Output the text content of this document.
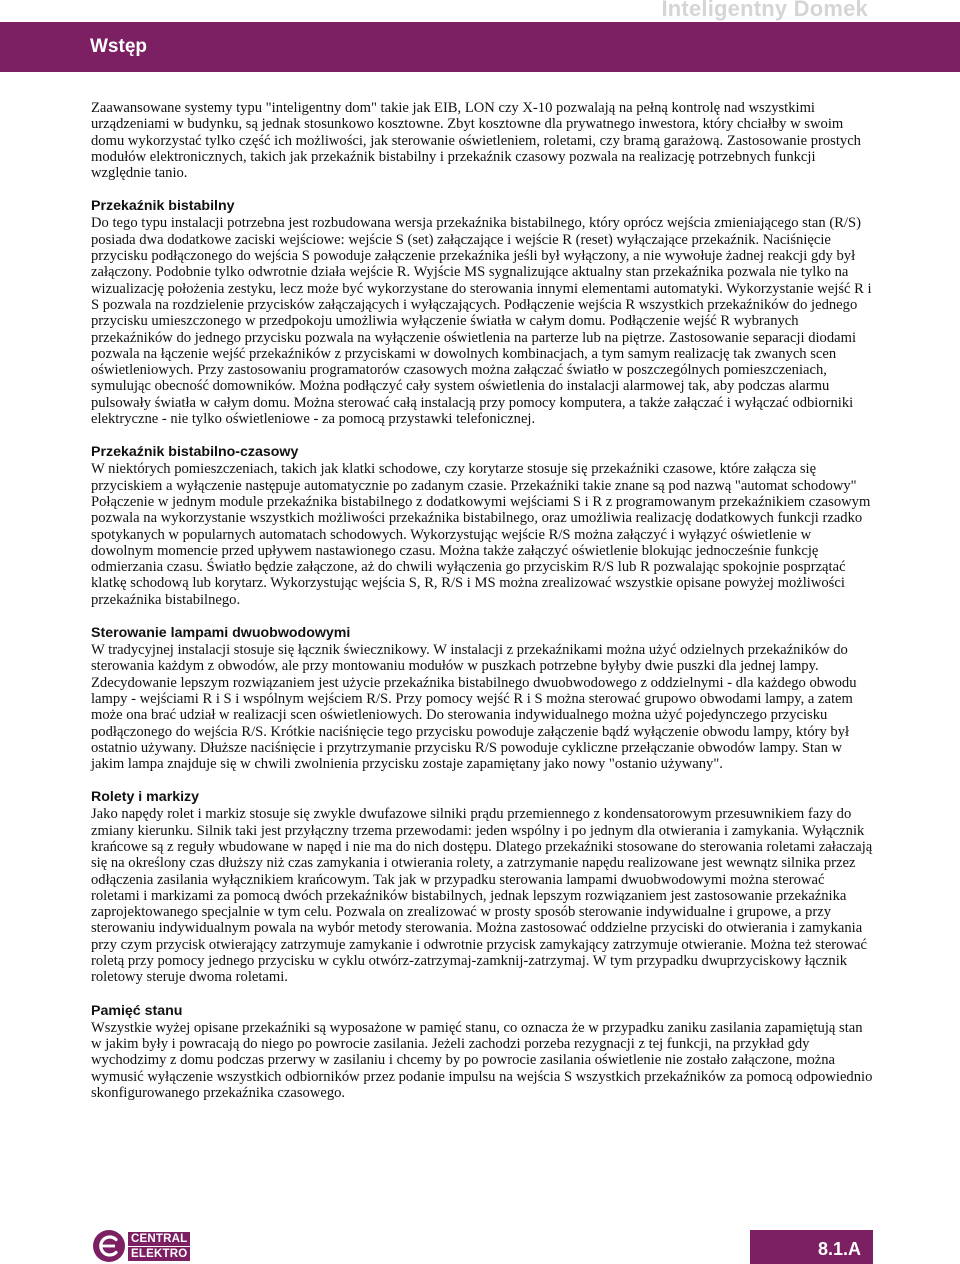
Inteligentny Domek
Wstęp

Zaawansowane systemy typu "inteligentny dom" takie jak EIB, LON czy X-10 pozwalają na pełną kontrolę nad wszystkimi urządzeniami w budynku, są jednak stosunkowo kosztowne. Zbyt kosztowne dla prywatnego inwestora, który chciałby w swoim domu wykorzystać tylko część ich możliwości, jak sterowanie oświetleniem, roletami, czy bramą garażową. Zastosowanie prostych modułów elektronicznych, takich jak przekaźnik bistabilny i przekaźnik czasowy pozwala na realizację potrzebnych funkcji względnie tanio.

Przekaźnik bistabilny

Do tego typu instalacji potrzebna jest rozbudowana wersja przekaźnika bistabilnego, który oprócz wejścia zmieniającego stan (R/S) posiada dwa dodatkowe zaciski wejściowe: wejście S (set) załączające i wejście R (reset) wyłączające przekaźnik. Naciśnięcie przycisku podłączonego do wejścia S powoduje załączenie przekaźnika jeśli był wyłączony, a nie wywołuje żadnej reakcji gdy był załączony. Podobnie tylko odwrotnie działa wejście R. Wyjście MS sygnalizujące aktualny stan przekaźnika pozwala nie tylko na wizualizację położenia zestyku, lecz może być wykorzystane do sterowania innymi elementami automatyki. Wykorzystanie wejść R i S pozwala na rozdzielenie przycisków załączających i wyłączających. Podłączenie wejścia R wszystkich przekaźników do jednego przycisku umieszczonego w przedpokoju umożliwia wyłączenie światła w całym domu. Podłączenie wejść R wybranych przekaźników do jednego przycisku pozwala na wyłączenie oświetlenia na parterze lub na piętrze. Zastosowanie separacji diodami pozwala na łączenie wejść przekaźników z przyciskami w dowolnych kombinacjach, a tym samym realizację tak zwanych scen oświetleniowych. Przy zastosowaniu programatorów czasowych można załączać światło w poszczególnych pomieszczeniach, symulując obecność domowników. Można podłączyć cały system oświetlenia do instalacji alarmowej tak, aby podczas alarmu pulsowały światła w całym domu. Można sterować całą instalacją przy pomocy komputera, a także załączać i wyłączać odbiorniki elektryczne - nie tylko oświetleniowe - za pomocą przystawki telefonicznej.

Przekaźnik bistabilno-czasowy

W niektórych pomieszczeniach, takich jak klatki schodowe, czy korytarze stosuje się przekaźniki czasowe, które załącza się przyciskiem a wyłączenie następuje automatycznie po zadanym czasie. Przekaźniki takie znane są pod nazwą "automat schodowy" Połączenie w jednym module przekaźnika bistabilnego z dodatkowymi wejściami S i R z programowanym przekaźnikiem czasowym pozwala na wykorzystanie wszystkich możliwości przekaźnika bistabilnego, oraz umożliwia realizację dodatkowych funkcji rzadko spotykanych w popularnych automatach schodowych. Wykorzystując wejście R/S można załączyć i wyłązyć oświetlenie w dowolnym momencie przed upływem nastawionego czasu. Można także załączyć oświetlenie blokując jednocześnie funkcję odmierzania czasu. Światło będzie załączone, aż do chwili wyłączenia go przyciskim R/S lub R pozwalając spokojnie posprzątać klatkę schodową lub korytarz. Wykorzystując wejścia S, R, R/S i MS można zrealizować wszystkie opisane powyżej możliwości przekaźnika bistabilnego.

Sterowanie lampami dwuobwodowymi

W tradycyjnej instalacji stosuje się łącznik świecznikowy. W instalacji z przekaźnikami można użyć odzielnych przekaźników do sterowania każdym z obwodów, ale przy montowaniu modułów w puszkach potrzebne byłyby dwie puszki dla jednej lampy. Zdecydowanie lepszym rozwiązaniem jest użycie przekaźnika bistabilnego dwuobwodowego z oddzielnymi - dla każdego obwodu lampy - wejściami R i S i wspólnym wejściem R/S. Przy pomocy wejść R i S można sterować grupowo obwodami lampy, a zatem może ona brać udział w realizacji scen oświetleniowych. Do sterowania indywidualnego można użyć pojedynczego przycisku podłączonego do wejścia R/S. Krótkie naciśnięcie tego przycisku powoduje załączenie bądź wyłączenie obwodu lampy, który był ostatnio używany. Dłuższe naciśnięcie i przytrzymanie przycisku R/S powoduje cykliczne przełączanie obwodów lampy. Stan w jakim lampa znajduje się w chwili zwolnienia przycisku zostaje zapamiętany jako nowy "ostanio używany".

Rolety i markizy

Jako napędy rolet i markiz stosuje się zwykle dwufazowe silniki prądu przemiennego z kondensatorowym przesuwnikiem fazy do zmiany kierunku. Silnik taki jest przyłączny trzema przewodami: jeden wspólny i po jednym dla otwierania i zamykania. Wyłącznik krańcowe są z reguły wbudowane w napęd i nie ma do nich dostępu. Dlatego przekaźniki stosowane do sterowania roletami załaczają się na określony czas dłuższy niż czas zamykania i otwierania rolety, a zatrzymanie napędu realizowane jest wewnątz silnika przez odłączenia zasilania wyłącznikiem krańcowym. Tak jak w przypadku sterowania lampami dwuobwodowymi można sterować roletami i markizami za pomocą dwóch przekaźników bistabilnych, jednak lepszym rozwiązaniem jest zastosowanie przekaźnika zaprojektowanego specjalnie w tym celu. Pozwala on zrealizować w prosty sposób sterowanie indywidualne i grupowe, a przy sterowaniu indywidualnym powala na wybór metody sterowania. Można zastosować oddzielne przyciski do otwierania i zamykania przy czym przycisk otwierający zatrzymuje zamykanie i odwrotnie przycisk zamykający zatrzymuje otwieranie. Można też sterować roletą przy pomocy jednego przycisku w cyklu otwórz-zatrzymaj-zamknij-zatrzymaj. W tym przypadku dwuprzyciskowy łącznik roletowy steruje dwoma roletami.

Pamięć stanu

Wszystkie wyżej opisane przekaźniki są wyposażone w pamięć stanu, co oznacza że w przypadku zaniku zasilania zapamiętują stan w jakim były i powracają do niego po powrocie zasilania. Jeżeli zachodzi porzeba rezygnacji z tej funkcji, na przykład gdy wychodzimy z domu podczas przerwy w zasilaniu i chcemy by po powrocie zasilania oświetlenie nie zostało załączone, można wymusić wyłączenie wszystkich odbiorników przez podanie impulsu na wejścia S wszystkich przekaźników za pomocą odpowiednio skonfigurowanego przekaźnika czasowego.

CENTRAL
ELEKTRO	8.1.A
